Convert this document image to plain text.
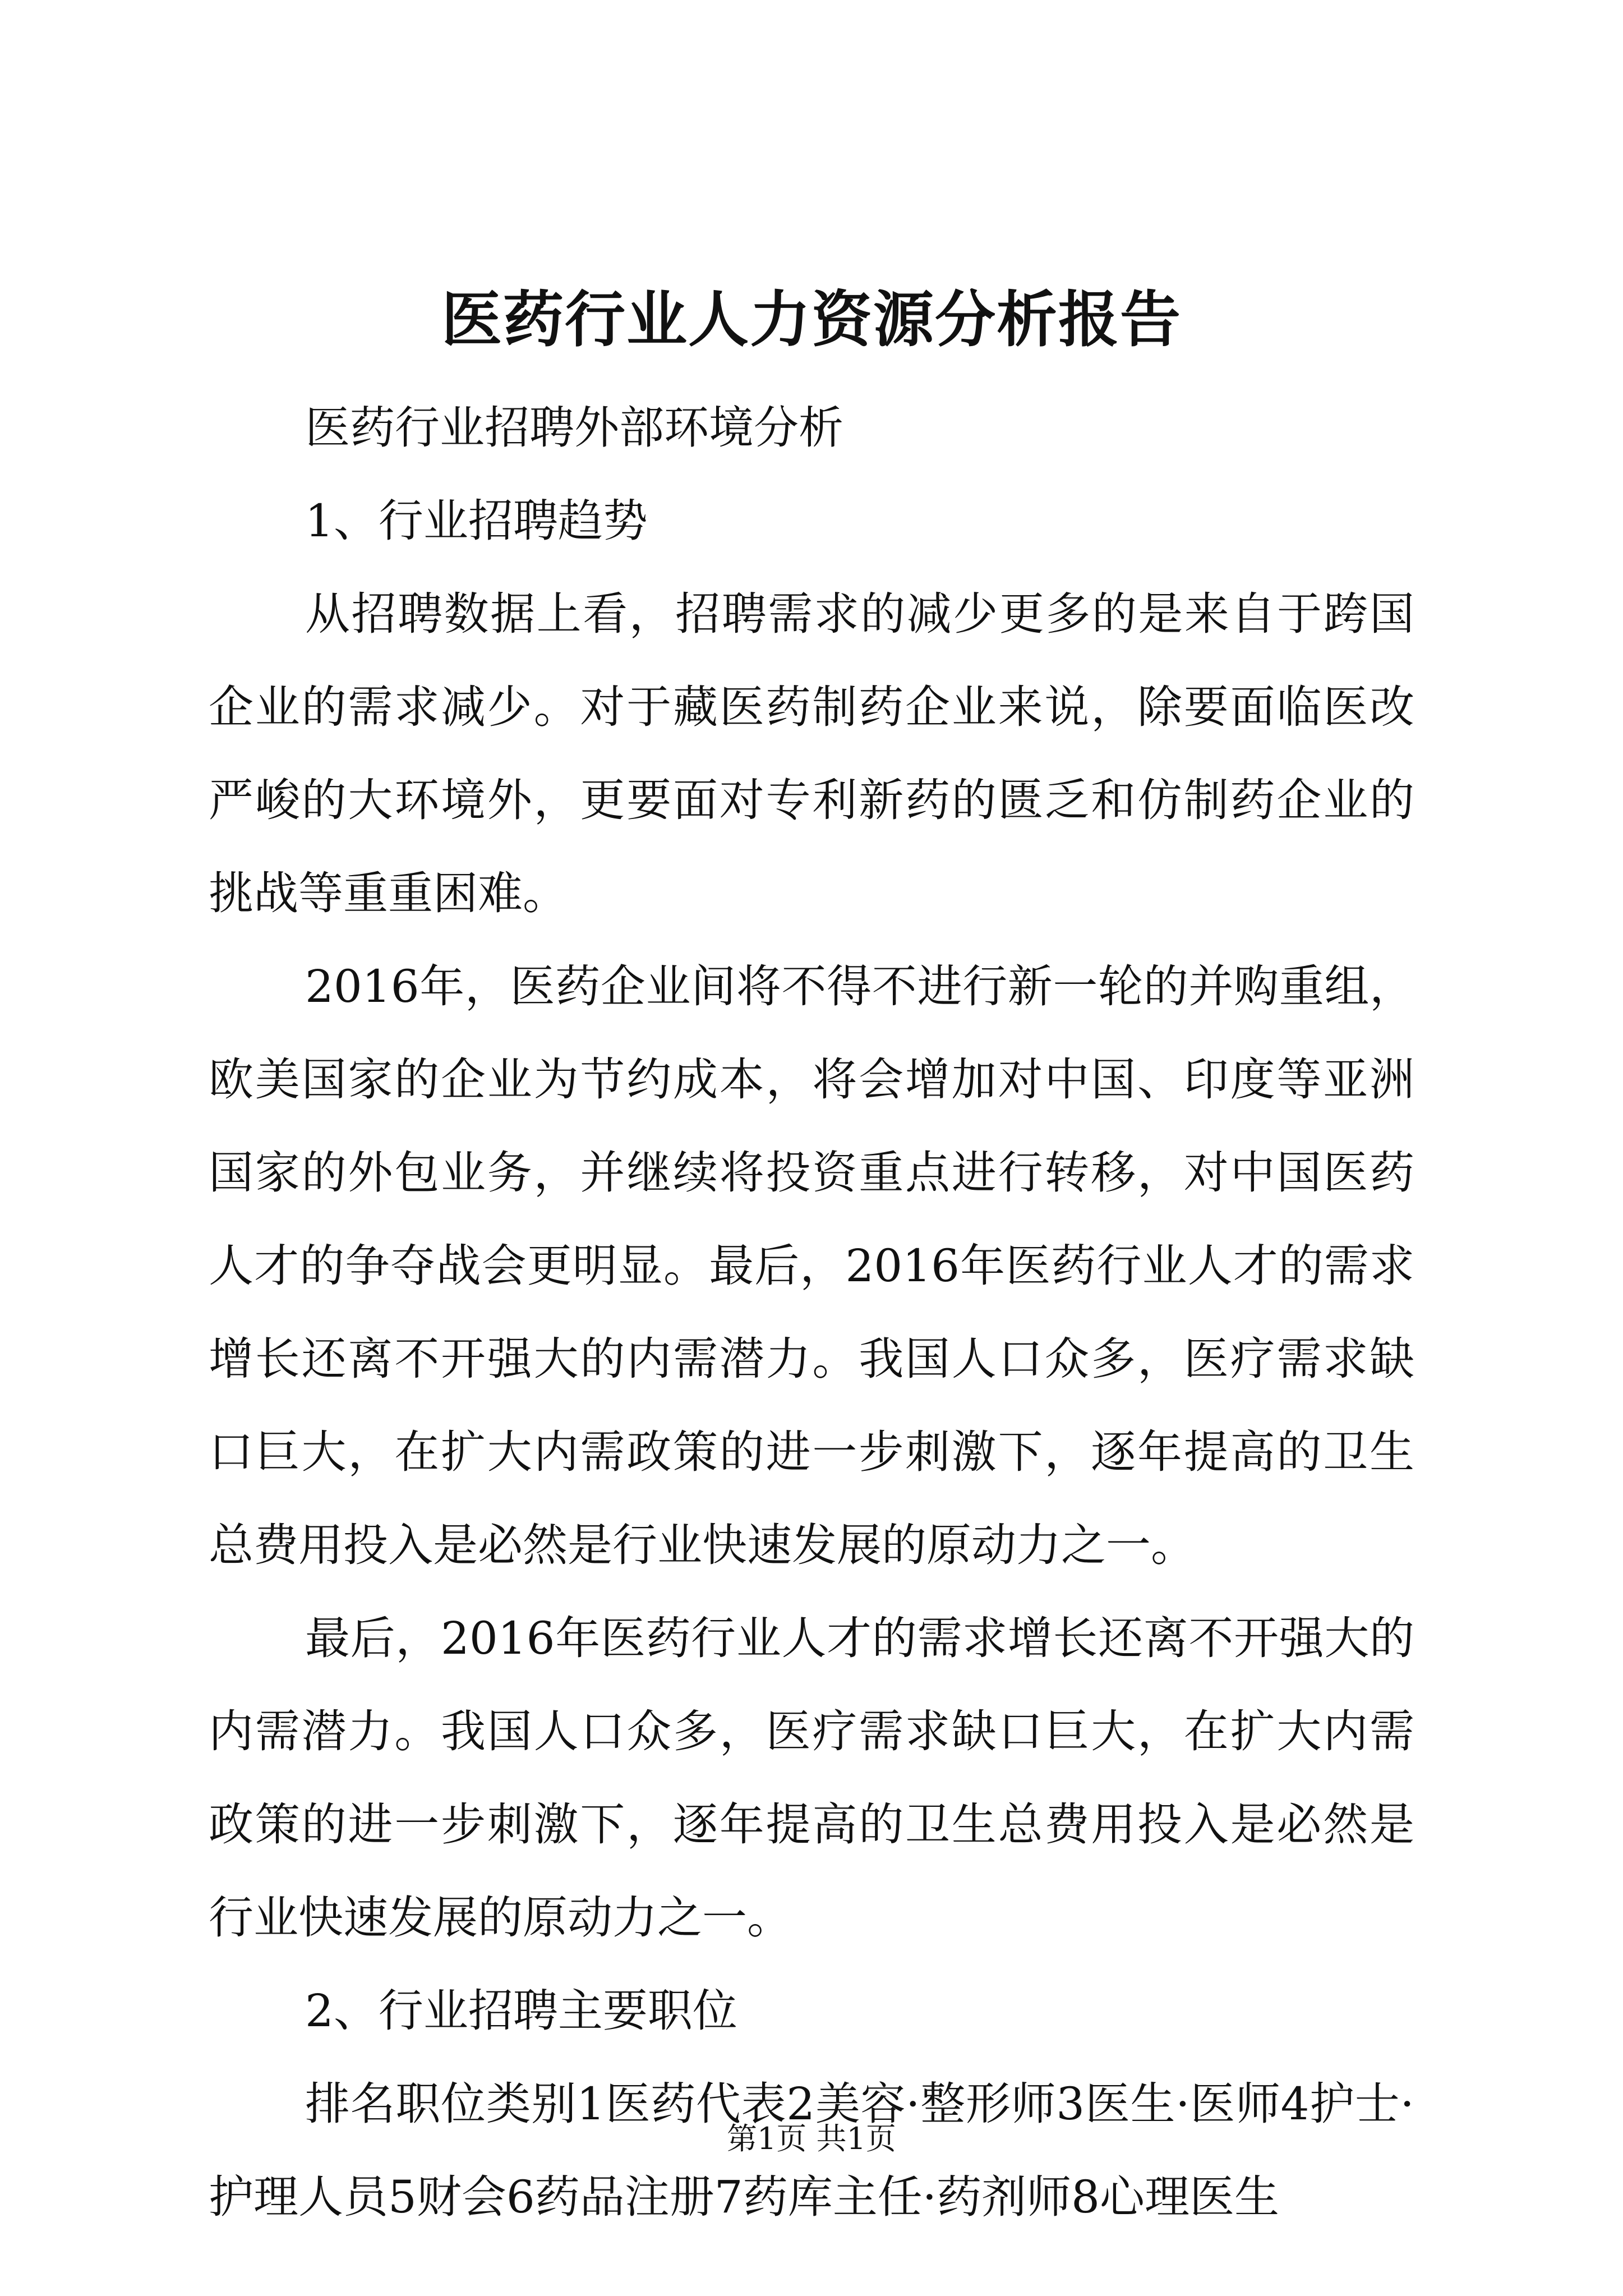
医药行业人力资源分析报告

医药行业招聘外部环境分析

1、行业招聘趋势

从招聘数据上看，招聘需求的减少更多的是来自于跨国企业的需求减少。对于藏医药制药企业来说，除要面临医改严峻的大环境外，更要面对专利新药的匮乏和仿制药企业的挑战等重重困难。

2016年，医药企业间将不得不进行新一轮的并购重组，欧美国家的企业为节约成本，将会增加对中国、印度等亚洲国家的外包业务，并继续将投资重点进行转移，对中国医药人才的争夺战会更明显。最后，2016年医药行业人才的需求增长还离不开强大的内需潜力。我国人口众多，医疗需求缺口巨大，在扩大内需政策的进一步刺激下，逐年提高的卫生总费用投入是必然是行业快速发展的原动力之一。

最后，2016年医药行业人才的需求增长还离不开强大的内需潜力。我国人口众多，医疗需求缺口巨大，在扩大内需政策的进一步刺激下，逐年提高的卫生总费用投入是必然是行业快速发展的原动力之一。

2、行业招聘主要职位

排名职位类别1医药代表2美容·整形师3医生·医师4护士·护理人员5财会6药品注册7药库主任·药剂师8心理医生

第1页 共1页
